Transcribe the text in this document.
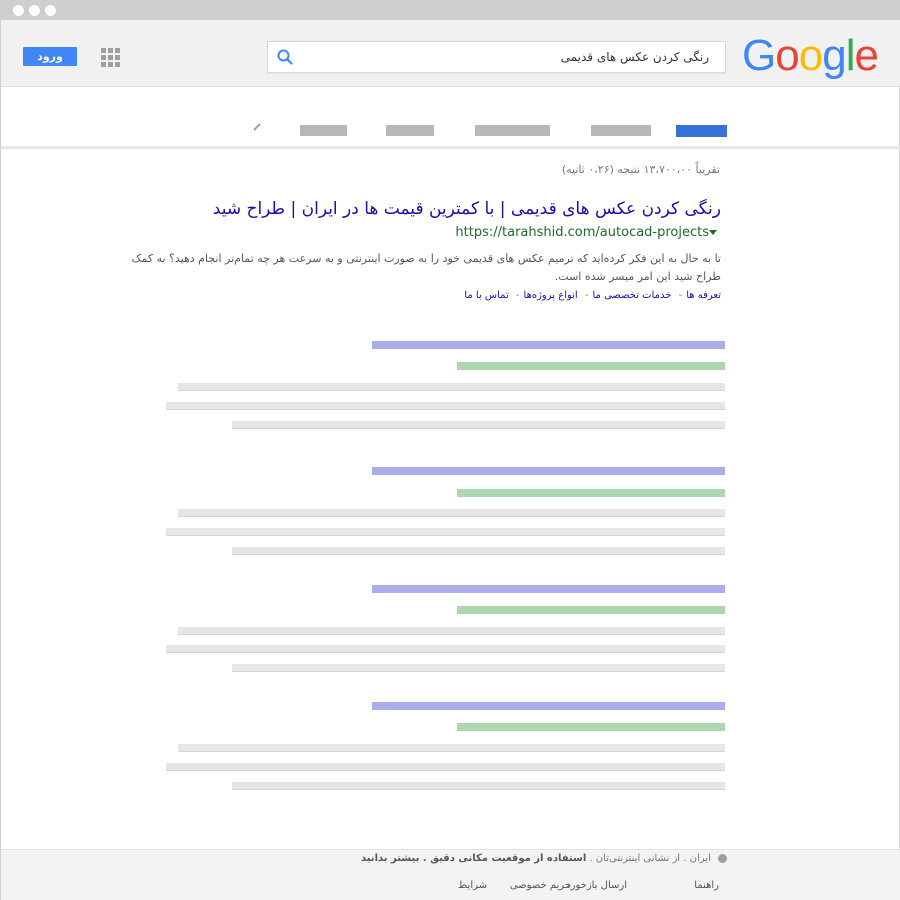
ورود	رنگی کردن عکس های قدیمی Google
تقریباً ۱۳،۷۰۰،۰۰ نتیجه (۰،۲۶ ثانیه)
رنگی کردن عکس های قدیمی | با کمترین قیمت ها در ایران | طراح شید
https://tarahshid.com/autocad-projects
تا به حال به این فکر کرده‌اید که ترمیم عکس های قدیمی خود را به صورت اینترنتی و به سرعت هر چه تمام‌تر انجام دهید؟ به کمک طراح شید این امر میسر شده است.
تعرفه ها- خدمات تخصصی ما- انواع پروژه‌ها- تماس با ما
ایران . از نشانی اینترنتی‌تان . استفاده از موقعیت مکانی دقیق . بیشتر بدانید
راهنما
ارسال بازخورد
حریم خصوصی
شرایط
